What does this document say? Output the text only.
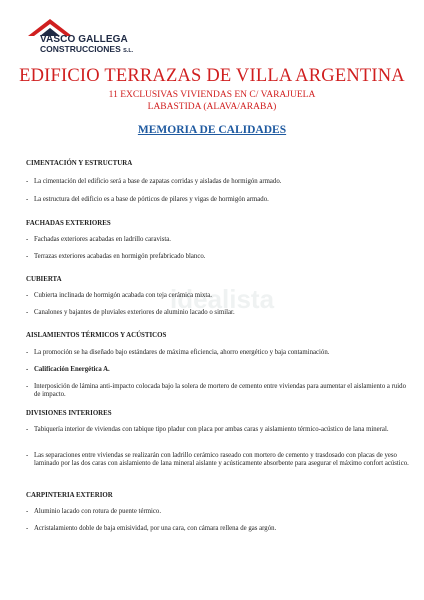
VASCO GALLEGA
CONSTRUCCIONES S.L.
EDIFICIO TERRAZAS DE VILLA ARGENTINA
11 EXCLUSIVAS VIVIENDAS EN C/ VARAJUELA
LABASTIDA (ALAVA/ARABA)
MEMORIA DE CALIDADES
idealista

CIMENTACIÓN Y ESTRUCTURA

- La cimentación del edificio será a base de zapatas corridas y aisladas de hormigón armado.

- La estructura del edificio es a base de pórticos de pilares y vigas de hormigón armado.

FACHADAS EXTERIORES

- Fachadas exteriores acabadas en ladrillo caravista.

- Terrazas exteriores acabadas en hormigón prefabricado blanco.

CUBIERTA

- Cubierta inclinada de hormigón acabada con teja cerámica mixta.

- Canalones y bajantes de pluviales exteriores de aluminio lacado o similar.

AISLAMIENTOS TÉRMICOS Y ACÚSTICOS

- La promoción se ha diseñado bajo estándares de máxima eficiencia, ahorro energético y baja contaminación.

- Calificación Energética A.

- Interposición de lámina anti-impacto colocada bajo la solera de mortero de cemento entre viviendas para aumentar el aislamiento a ruido de impacto.

DIVISIONES INTERIORES

- Tabiquería interior de viviendas con tabique tipo pladur con placa por ambas caras y aislamiento térmico-acústico de lana mineral.

- Las separaciones entre viviendas se realizarán con ladrillo cerámico raseado con mortero de cemento y trasdosado con placas de yeso laminado por las dos caras con aislamiento de lana mineral aislante y acústicamente absorbente para asegurar el máximo confort acústico.

CARPINTERIA EXTERIOR

- Aluminio lacado con rotura de puente térmico.

- Acristalamiento doble de baja emisividad, por una cara, con cámara rellena de gas argón.
